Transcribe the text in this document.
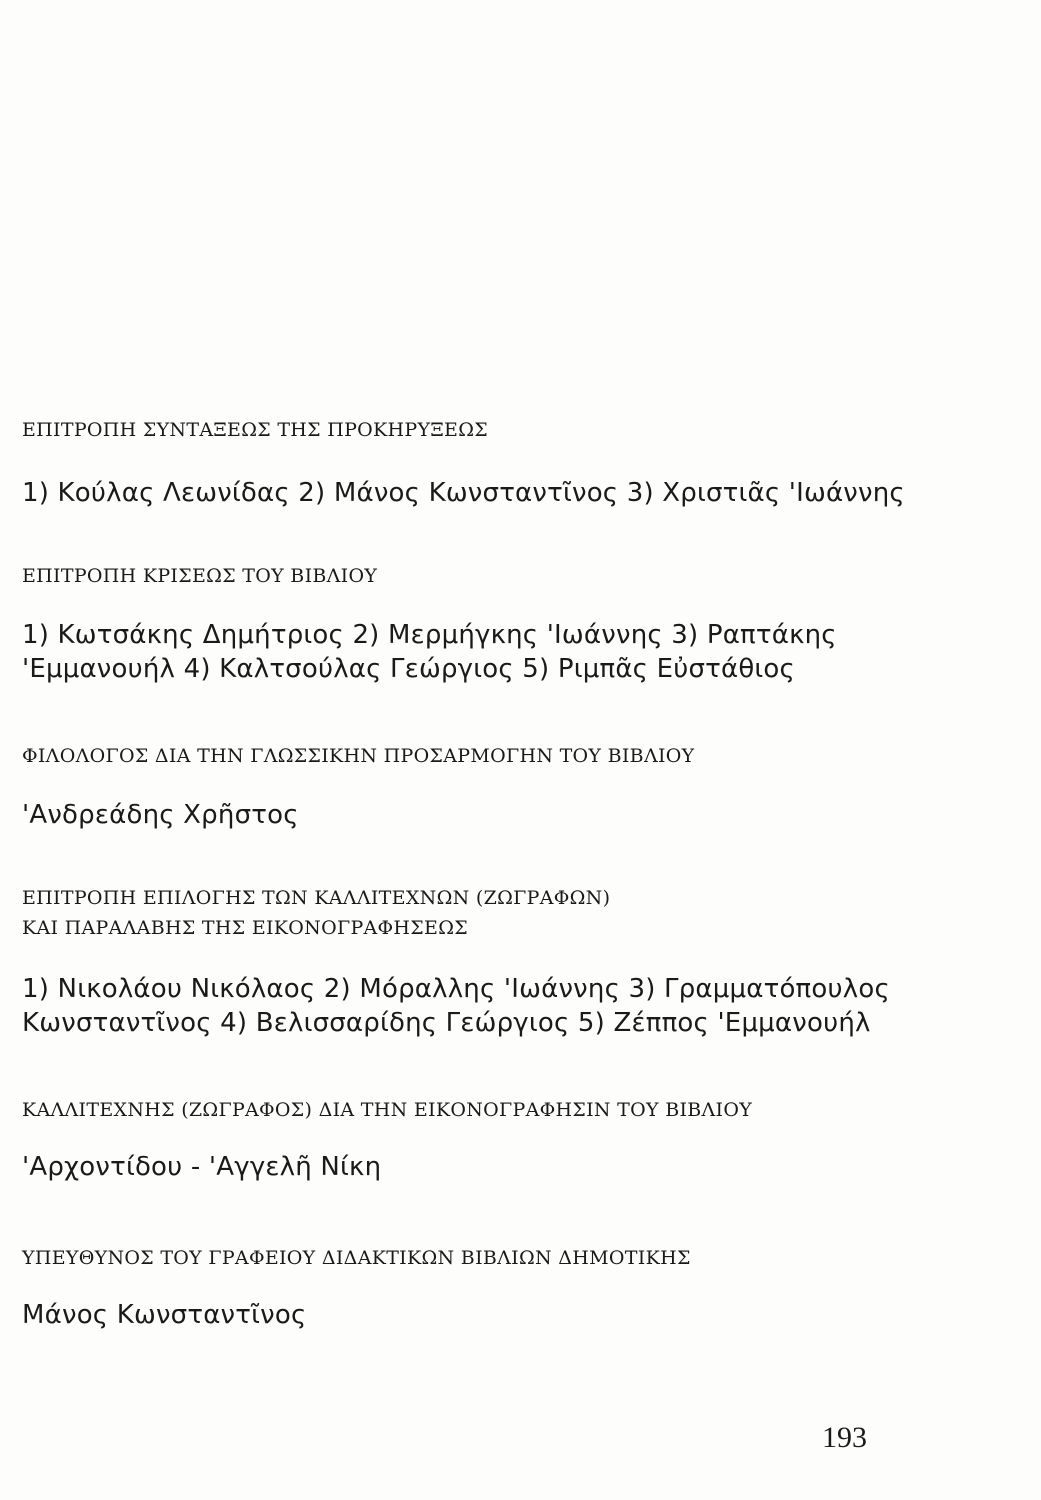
ΕΠΙΤΡΟΠΗ ΣΥΝΤΑΞΕΩΣ ΤΗΣ ΠΡΟΚΗΡΥΞΕΩΣ
1) Κούλας Λεωνίδας 2) Μάνος Κωνσταντῖνος 3) Χριστιᾶς 'Ιωάννης
ΕΠΙΤΡΟΠΗ ΚΡΙΣΕΩΣ ΤΟΥ ΒΙΒΛΙΟΥ
1) Κωτσάκης Δημήτριος 2) Μερμήγκης 'Ιωάννης 3) Ραπτάκης
'Εμμανουήλ 4) Καλτσούλας Γεώργιος 5) Ριμπᾶς Εὐστάθιος
ΦΙΛΟΛΟΓΟΣ ΔΙΑ ΤΗΝ ΓΛΩΣΣΙΚΗΝ ΠΡΟΣΑΡΜΟΓΗΝ ΤΟΥ ΒΙΒΛΙΟΥ
'Ανδρεάδης Χρῆστος
ΕΠΙΤΡΟΠΗ ΕΠΙΛΟΓΗΣ ΤΩΝ ΚΑΛΛΙΤΕΧΝΩΝ (ΖΩΓΡΑΦΩΝ)
ΚΑΙ ΠΑΡΑΛΑΒΗΣ ΤΗΣ ΕΙΚΟΝΟΓΡΑΦΗΣΕΩΣ
1) Νικολάου Νικόλαος 2) Μόραλλης 'Ιωάννης 3) Γραμματόπουλος
Κωνσταντῖνος 4) Βελισσαρίδης Γεώργιος 5) Ζέππος 'Εμμανουήλ
ΚΑΛΛΙΤΕΧΝΗΣ (ΖΩΓΡΑΦΟΣ) ΔΙΑ ΤΗΝ ΕΙΚΟΝΟΓΡΑΦΗΣΙΝ ΤΟΥ ΒΙΒΛΙΟΥ
'Αρχοντίδου - 'Αγγελῆ Νίκη
ΥΠΕΥΘΥΝΟΣ ΤΟΥ ΓΡΑΦΕΙΟΥ ΔΙΔΑΚΤΙΚΩΝ ΒΙΒΛΙΩΝ ΔΗΜΟΤΙΚΗΣ
Μάνος Κωνσταντῖνος
193
